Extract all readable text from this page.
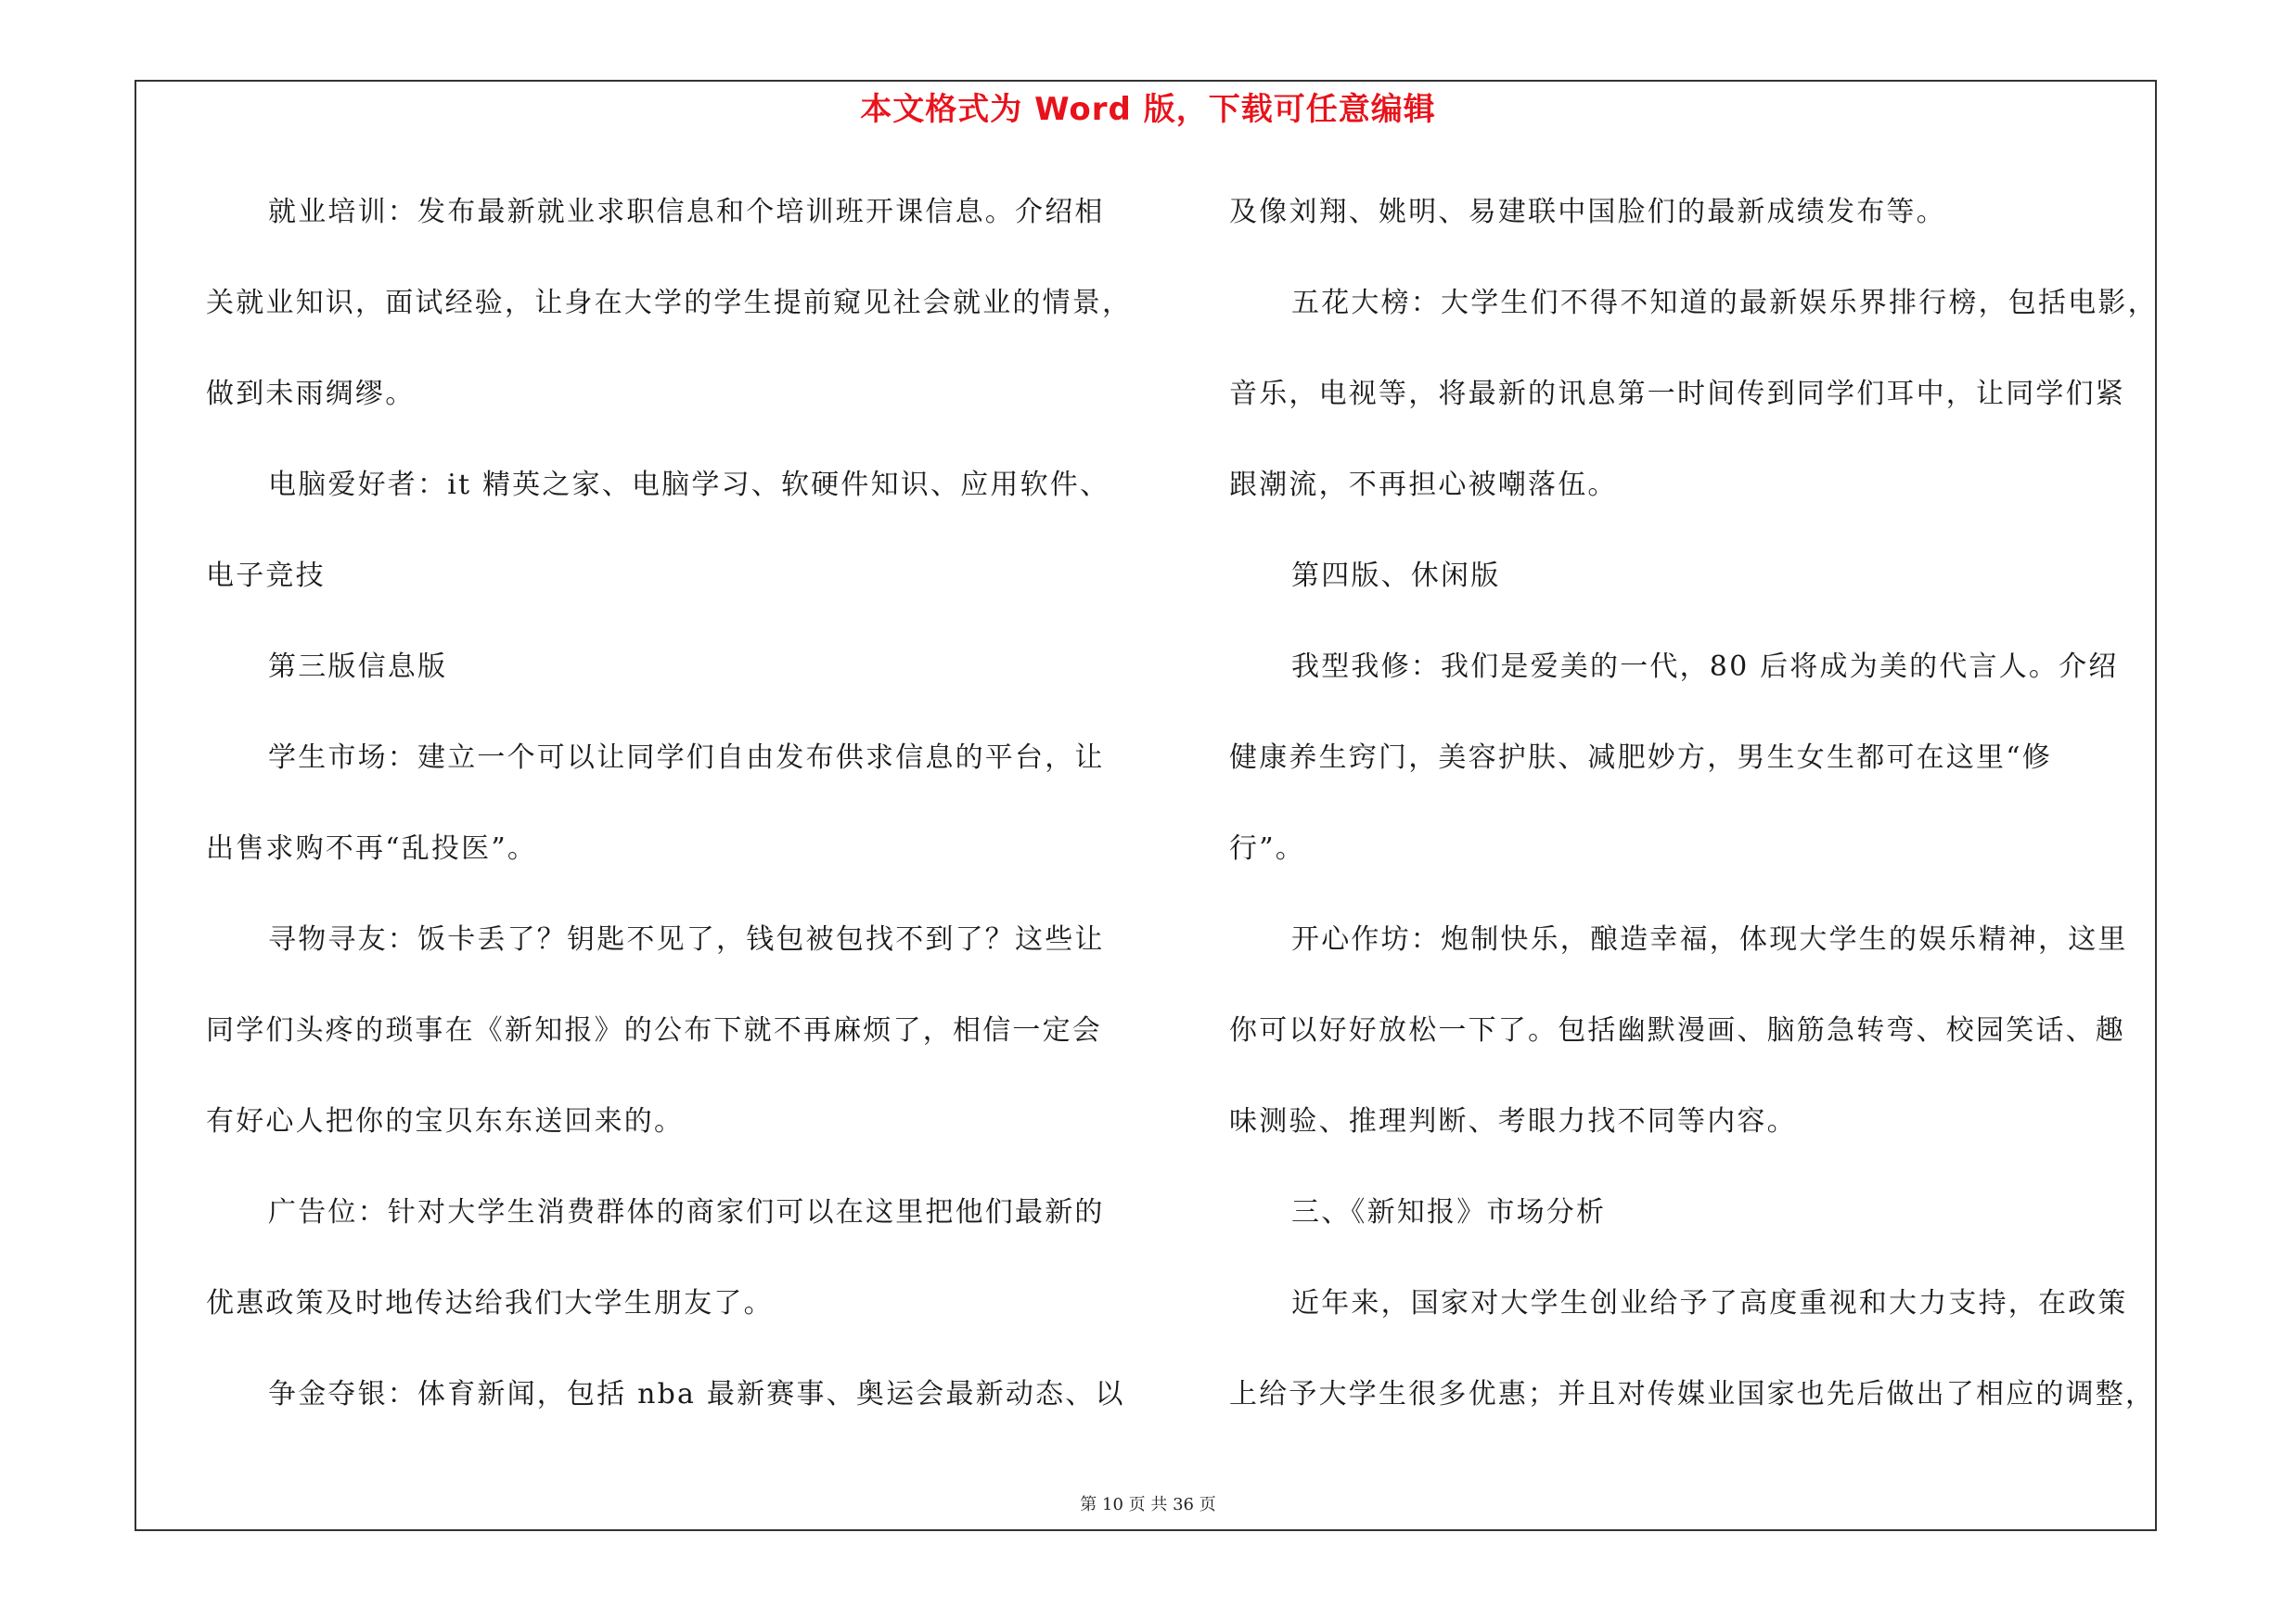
本文格式为 Word 版，下载可任意编辑
就业培训：发布最新就业求职信息和个培训班开课信息。介绍相
关就业知识，面试经验，让身在大学的学生提前窥见社会就业的情景，
做到未雨绸缪。
电脑爱好者：it 精英之家、电脑学习、软硬件知识、应用软件、
电子竞技
第三版信息版
学生市场：建立一个可以让同学们自由发布供求信息的平台，让
出售求购不再“乱投医”。
寻物寻友：饭卡丢了？钥匙不见了，钱包被包找不到了？这些让
同学们头疼的琐事在《新知报》的公布下就不再麻烦了，相信一定会
有好心人把你的宝贝东东送回来的。
广告位：针对大学生消费群体的商家们可以在这里把他们最新的
优惠政策及时地传达给我们大学生朋友了。
争金夺银：体育新闻，包括 nba 最新赛事、奥运会最新动态、以
及像刘翔、姚明、易建联中国脸们的最新成绩发布等。
五花大榜：大学生们不得不知道的最新娱乐界排行榜，包括电影，
音乐，电视等，将最新的讯息第一时间传到同学们耳中，让同学们紧
跟潮流，不再担心被嘲落伍。
第四版、休闲版
我型我修：我们是爱美的一代，80 后将成为美的代言人。介绍
健康养生窍门，美容护肤、减肥妙方，男生女生都可在这里“修
行”。
开心作坊：炮制快乐，酿造幸福，体现大学生的娱乐精神，这里
你可以好好放松一下了。包括幽默漫画、脑筋急转弯、校园笑话、趣
味测验、推理判断、考眼力找不同等内容。
三、《新知报》市场分析
近年来，国家对大学生创业给予了高度重视和大力支持，在政策
上给予大学生很多优惠；并且对传媒业国家也先后做出了相应的调整，
第 10 页 共 36 页
